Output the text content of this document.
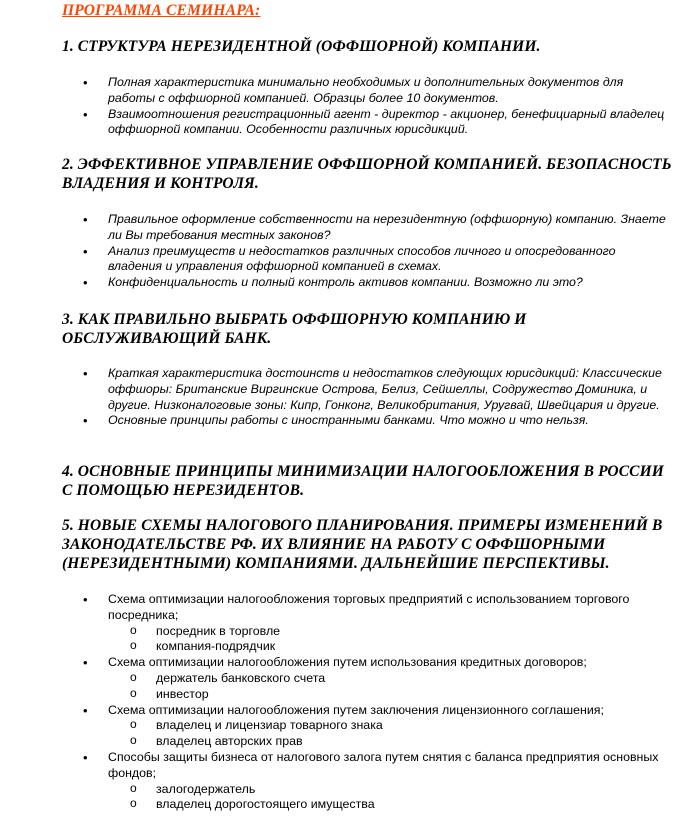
ПРОГРАММА СЕМИНАРА:
1. СТРУКТУРА НЕРЕЗИДЕНТНОЙ (ОФФШОРНОЙ) КОМПАНИИ.
• Полная характеристика минимально необходимых и дополнительных документов для работы с оффшорной компанией. Образцы более 10 документов.
• Взаимоотношения регистрационный агент - директор - акционер, бенефициарный владелец оффшорной компании. Особенности различных юрисдикций.
2. ЭФФЕКТИВНОЕ УПРАВЛЕНИЕ ОФФШОРНОЙ КОМПАНИЕЙ. БЕЗОПАСНОСТЬ ВЛАДЕНИЯ И КОНТРОЛЯ.
• Правильное оформление собственности на нерезидентную (оффшорную) компанию. Знаете ли Вы требования местных законов?
• Анализ преимуществ и недостатков различных способов личного и опосредованного владения и управления оффшорной компанией в схемах.
• Конфиденциальность и полный контроль активов компании. Возможно ли это?
3. КАК ПРАВИЛЬНО ВЫБРАТЬ ОФФШОРНУЮ КОМПАНИЮ И ОБСЛУЖИВАЮЩИЙ БАНК.
• Краткая характеристика достоинств и недостатков следующих юрисдикций: Классические оффшоры: Британские Виргинские Острова, Белиз, Сейшеллы, Содружество Доминика, и другие. Низконалоговые зоны: Кипр, Гонконг, Великобритания, Уругвай, Швейцария и другие.
• Основные принципы работы с иностранными банками. Что можно и что нельзя.
4. ОСНОВНЫЕ ПРИНЦИПЫ МИНИМИЗАЦИИ НАЛОГООБЛОЖЕНИЯ В РОССИИ С ПОМОЩЬЮ НЕРЕЗИДЕНТОВ.
5. НОВЫЕ СХЕМЫ НАЛОГОВОГО ПЛАНИРОВАНИЯ. ПРИМЕРЫ ИЗМЕНЕНИЙ В ЗАКОНОДАТЕЛЬСТВЕ РФ. ИХ ВЛИЯНИЕ НА РАБОТУ С ОФФШОРНЫМИ (НЕРЕЗИДЕНТНЫМИ) КОМПАНИЯМИ. ДАЛЬНЕЙШИЕ ПЕРСПЕКТИВЫ.
• Схема оптимизации налогообложения торговых предприятий с использованием торгового посредника;
o посредник в торговле
o компания-подрядчик
• Схема оптимизации налогообложения путем использования кредитных договоров;
o держатель банковского счета
o инвестор
• Схема оптимизации налогообложения путем заключения лицензионного соглашения;
o владелец и лицензиар товарного знака
o владелец авторских прав
• Способы защиты бизнеса от налогового залога путем снятия с баланса предприятия основных фондов;
o залогодержатель
o владелец дорогостоящего имущества
